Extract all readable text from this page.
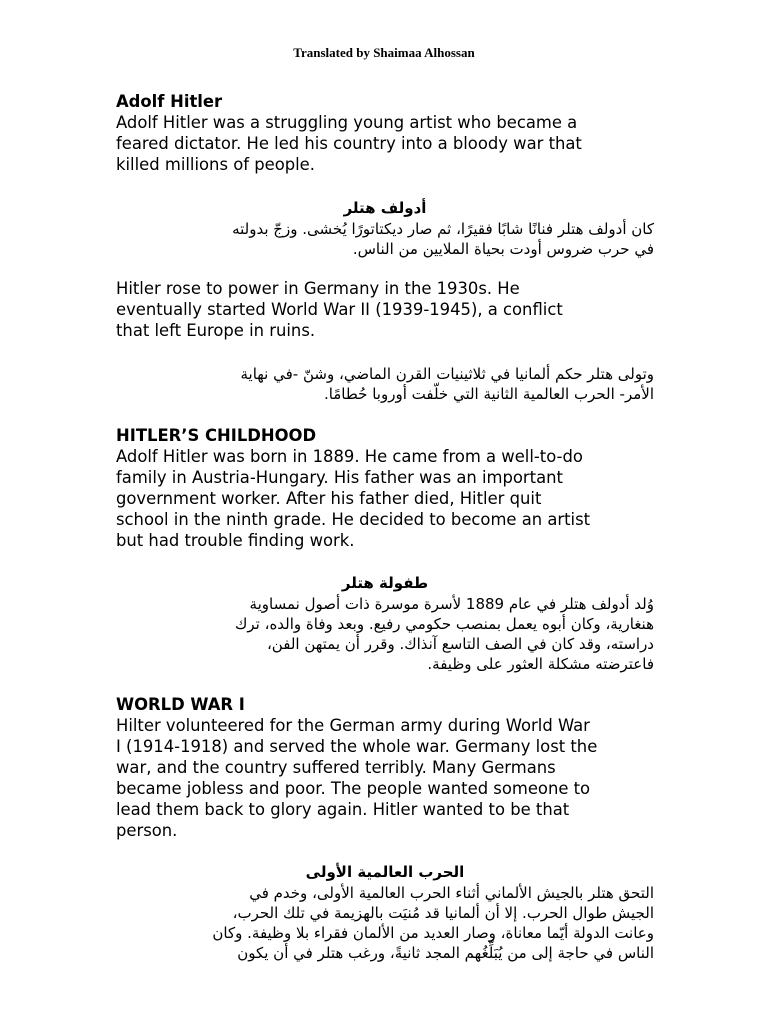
Translated by Shaimaa Alhossan

Adolf Hitler

Adolf Hitler was a struggling young artist who became a

feared dictator. He led his country into a bloody war that

killed millions of people.

أدولف هتلر

كان أدولف هتلر فنانًا شابًا فقيرًا، ثم صار ديكتاتورًا يُخشى. وزجّ بدولته

في حرب ضروس أودت بحياة الملايين من الناس.

Hitler rose to power in Germany in the 1930s. He

eventually started World War II (1939-1945), a conflict

that left Europe in ruins.

وتولى هتلر حكم ألمانيا في ثلاثينيات القرن الماضي، وشنّ -في نهاية

الأمر- الحرب العالمية الثانية التي خلّفت أوروبا حُطامًا.

HITLER’S CHILDHOOD

Adolf Hitler was born in 1889. He came from a well-to-do

family in Austria-Hungary. His father was an important

government worker. After his father died, Hitler quit

school in the ninth grade. He decided to become an artist

but had trouble finding work.

طفولة هتلر

وُلد أدولف هتلر في عام 1889 لأسرة موسرة ذات أصول نمساوية

هنغارية، وكان أبوه يعمل بمنصب حكومي رفيع. وبعد وفاة والده، ترك

دراسته، وقد كان في الصف التاسع آنذاك. وقرر أن يمتهن الفن،

فاعترضته مشكلة العثور على وظيفة.

WORLD WAR I

Hilter volunteered for the German army during World War

I (1914-1918) and served the whole war. Germany lost the

war, and the country suffered terribly. Many Germans

became jobless and poor. The people wanted someone to

lead them back to glory again. Hitler wanted to be that

person.

الحرب العالمية الأولى

التحق هتلر بالجيش الألماني أثناء الحرب العالمية الأولى، وخدم في

الجيش طوال الحرب. إلا أن ألمانيا قد مُنيَت بالهزيمة في تلك الحرب،

وعانت الدولة أيّما معاناة، وصار العديد من الألمان فقراء بلا وظيفة. وكان

الناس في حاجة إلى من يُبَلِّغُهم المجد ثانيةً، ورغب هتلر في أن يكون
